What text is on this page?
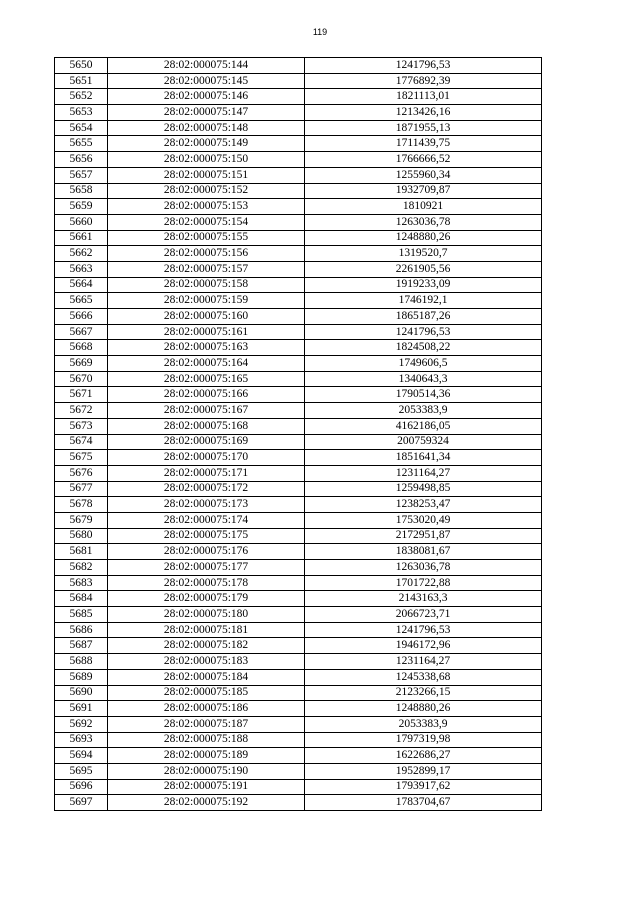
119
5650	28:02:000075:144	1241796,53
5651	28:02:000075:145	1776892,39
5652	28:02:000075:146	1821113,01
5653	28:02:000075:147	1213426,16
5654	28:02:000075:148	1871955,13
5655	28:02:000075:149	1711439,75
5656	28:02:000075:150	1766666,52
5657	28:02:000075:151	1255960,34
5658	28:02:000075:152	1932709,87
5659	28:02:000075:153	1810921
5660	28:02:000075:154	1263036,78
5661	28:02:000075:155	1248880,26
5662	28:02:000075:156	1319520,7
5663	28:02:000075:157	2261905,56
5664	28:02:000075:158	1919233,09
5665	28:02:000075:159	1746192,1
5666	28:02:000075:160	1865187,26
5667	28:02:000075:161	1241796,53
5668	28:02:000075:163	1824508,22
5669	28:02:000075:164	1749606,5
5670	28:02:000075:165	1340643,3
5671	28:02:000075:166	1790514,36
5672	28:02:000075:167	2053383,9
5673	28:02:000075:168	4162186,05
5674	28:02:000075:169	200759324
5675	28:02:000075:170	1851641,34
5676	28:02:000075:171	1231164,27
5677	28:02:000075:172	1259498,85
5678	28:02:000075:173	1238253,47
5679	28:02:000075:174	1753020,49
5680	28:02:000075:175	2172951,87
5681	28:02:000075:176	1838081,67
5682	28:02:000075:177	1263036,78
5683	28:02:000075:178	1701722,88
5684	28:02:000075:179	2143163,3
5685	28:02:000075:180	2066723,71
5686	28:02:000075:181	1241796,53
5687	28:02:000075:182	1946172,96
5688	28:02:000075:183	1231164,27
5689	28:02:000075:184	1245338,68
5690	28:02:000075:185	2123266,15
5691	28:02:000075:186	1248880,26
5692	28:02:000075:187	2053383,9
5693	28:02:000075:188	1797319,98
5694	28:02:000075:189	1622686,27
5695	28:02:000075:190	1952899,17
5696	28:02:000075:191	1793917,62
5697	28:02:000075:192	1783704,67
